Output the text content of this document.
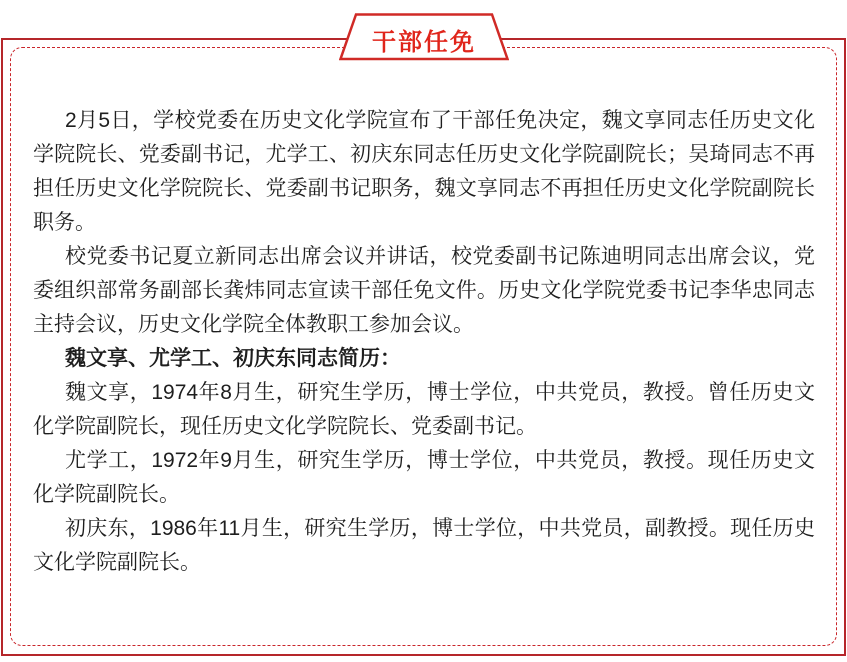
干部任免

2月5日，学校党委在历史文化学院宣布了干部任免决定，魏文享同志任历史文化学院院长、党委副书记，尤学工、初庆东同志任历史文化学院副院长；吴琦同志不再担任历史文化学院院长、党委副书记职务，魏文享同志不再担任历史文化学院副院长职务。

校党委书记夏立新同志出席会议并讲话，校党委副书记陈迪明同志出席会议，党委组织部常务副部长龚炜同志宣读干部任免文件。历史文化学院党委书记李华忠同志主持会议，历史文化学院全体教职工参加会议。

魏文享、尤学工、初庆东同志简历：

魏文享，1974年8月生，研究生学历，博士学位，中共党员，教授。曾任历史文化学院副院长，现任历史文化学院院长、党委副书记。

尤学工，1972年9月生，研究生学历，博士学位，中共党员，教授。现任历史文化学院副院长。

初庆东，1986年11月生，研究生学历，博士学位，中共党员，副教授。现任历史文化学院副院长。
